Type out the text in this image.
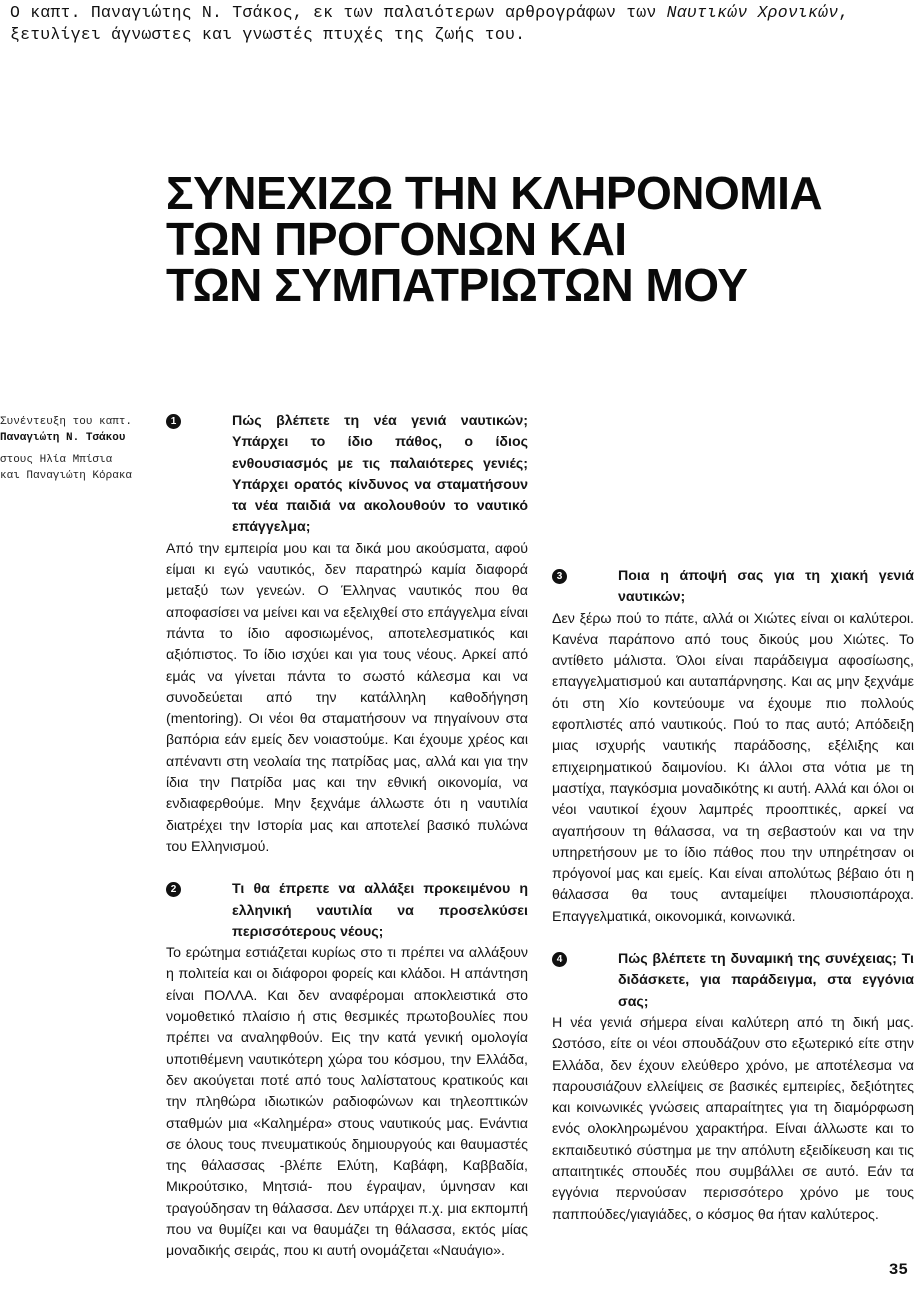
Ο καπτ. Παναγιώτης Ν. Τσάκος, εκ των παλαιότερων αρθρογράφων των Ναυτικών Χρονικών, ξετυλίγει άγνωστες και γνωστές πτυχές της ζωής του.
ΣΥΝΕΧΙΖΩ ΤΗΝ ΚΛΗΡΟΝΟΜΙΑ
ΤΩΝ ΠΡΟΓΟΝΩΝ ΚΑΙ
ΤΩΝ ΣΥΜΠΑΤΡΙΩΤΩΝ ΜΟΥ
Συνέντευξη του καπτ.
Παναγιώτη Ν. Τσάκου
στους Ηλία Μπίσια
και Παναγιώτη Κόρακα

1	Πώς βλέπετε τη νέα γενιά ναυτικών; Υπάρχει το ίδιο πάθος, ο ίδιος ενθουσιασμός με τις παλαιότερες γενιές; Υπάρχει ορατός κίνδυνος να σταματήσουν τα νέα παιδιά να ακολουθούν το ναυτικό επάγγελμα;

Από την εμπειρία μου και τα δικά μου ακούσματα, αφού είμαι κι εγώ ναυτικός, δεν παρατηρώ καμία διαφορά μεταξύ των γενεών. Ο Έλληνας ναυτικός που θα αποφασίσει να μείνει και να εξελιχθεί στο επάγγελμα είναι πάντα το ίδιο αφοσιωμένος, αποτελεσματικός και αξιόπιστος. Το ίδιο ισχύει και για τους νέους. Αρκεί από εμάς να γίνεται πάντα το σωστό κάλεσμα και να συνοδεύεται από την κατάλληλη καθοδήγηση (mentoring). Οι νέοι θα σταματήσουν να πηγαίνουν στα βαπόρια εάν εμείς δεν νοιαστούμε. Και έχουμε χρέος και απέναντι στη νεολαία της πατρίδας μας, αλλά και για την ίδια την Πατρίδα μας και την εθνική οικονομία, να ενδιαφερθούμε. Μην ξεχνάμε άλλωστε ότι η ναυτιλία διατρέχει την Ιστορία μας και αποτελεί βασικό πυλώνα του Ελληνισμού.

2	Τι θα έπρεπε να αλλάξει προκειμένου η ελληνική ναυτιλία να προσελκύσει περισσότερους νέους;

Το ερώτημα εστιάζεται κυρίως στο τι πρέπει να αλλάξουν η πολιτεία και οι διάφοροι φορείς και κλάδοι. Η απάντηση είναι ΠΟΛΛΑ. Και δεν αναφέρομαι αποκλειστικά στο νομοθετικό πλαίσιο ή στις θεσμικές πρωτοβουλίες που πρέπει να αναληφθούν. Εις την κατά γενική ομολογία υποτιθέμενη ναυτικότερη χώρα του κόσμου, την Ελλάδα, δεν ακούγεται ποτέ από τους λαλίστατους κρατικούς και την πληθώρα ιδιωτικών ραδιοφώνων και τηλεοπτικών σταθμών μια «Καλημέρα» στους ναυτικούς μας. Ενάντια σε όλους τους πνευματικούς δημιουργούς και θαυμαστές της θάλασσας -βλέπε Ελύτη, Καβάφη, Καββαδία, Μικρούτσικο, Μητσιά- που έγραψαν, ύμνησαν και τραγούδησαν τη θάλασσα. Δεν υπάρχει π.χ. μια εκπομπή που να θυμίζει και να θαυμάζει τη θάλασσα, εκτός μίας μοναδικής σειράς, που κι αυτή ονομάζεται «Ναυάγιο».

3	Ποια η άποψή σας για τη χιακή γενιά ναυτικών;

Δεν ξέρω πού το πάτε, αλλά οι Χιώτες είναι οι καλύτεροι. Κανένα παράπονο από τους δικούς μου Χιώτες. Το αντίθετο μάλιστα. Όλοι είναι παράδειγμα αφοσίωσης, επαγγελματισμού και αυταπάρνησης. Και ας μην ξεχνάμε ότι στη Χίο κοντεύουμε να έχουμε πιο πολλούς εφοπλιστές από ναυτικούς. Πού το πας αυτό; Απόδειξη μιας ισχυρής ναυτικής παράδοσης, εξέλιξης και επιχειρηματικού δαιμονίου. Κι άλλοι στα νότια με τη μαστίχα, παγκόσμια μοναδικότης κι αυτή. Αλλά και όλοι οι νέοι ναυτικοί έχουν λαμπρές προοπτικές, αρκεί να αγαπήσουν τη θάλασσα, να τη σεβαστούν και να την υπηρετήσουν με το ίδιο πάθος που την υπηρέτησαν οι πρόγονοί μας και εμείς. Και είναι απολύτως βέβαιο ότι η θάλασσα θα τους ανταμείψει πλουσιοπάροχα. Επαγγελματικά, οικονομικά, κοινωνικά.

4	Πώς βλέπετε τη δυναμική της συνέχειας; Τι διδάσκετε, για παράδειγμα, στα εγγόνια σας;

Η νέα γενιά σήμερα είναι καλύτερη από τη δική μας. Ωστόσο, είτε οι νέοι σπουδάζουν στο εξωτερικό είτε στην Ελλάδα, δεν έχουν ελεύθερο χρόνο, με αποτέλεσμα να παρουσιάζουν ελλείψεις σε βασικές εμπειρίες, δεξιότητες και κοινωνικές γνώσεις απαραίτητες για τη διαμόρφωση ενός ολοκληρωμένου χαρακτήρα. Είναι άλλωστε και το εκπαιδευτικό σύστημα με την απόλυτη εξειδίκευση και τις απαιτητικές σπουδές που συμβάλλει σε αυτό. Εάν τα εγγόνια περνούσαν περισσότερο χρόνο με τους παππούδες/γιαγιάδες, ο κόσμος θα ήταν καλύτερος.

35
